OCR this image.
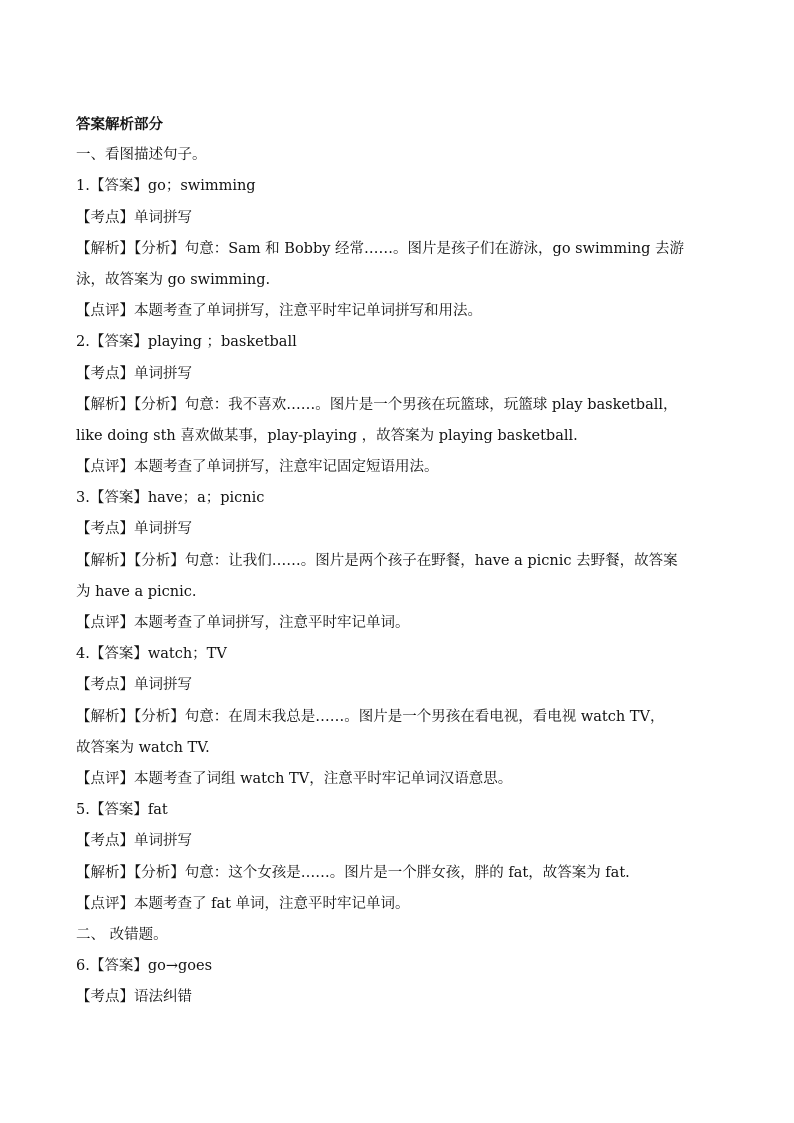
答案解析部分
一、看图描述句子。
1.【答案】go；swimming
【考点】单词拼写
【解析】【分析】句意：Sam 和 Bobby 经常……。图片是孩子们在游泳，go swimming 去游
泳，故答案为 go swimming.
【点评】本题考查了单词拼写，注意平时牢记单词拼写和用法。
2.【答案】playing ；basketball
【考点】单词拼写
【解析】【分析】句意：我不喜欢……。图片是一个男孩在玩篮球，玩篮球 play basketball，
like doing sth 喜欢做某事，play-playing ，故答案为 playing basketball.
【点评】本题考查了单词拼写，注意牢记固定短语用法。
3.【答案】have；a；picnic
【考点】单词拼写
【解析】【分析】句意：让我们……。图片是两个孩子在野餐，have a picnic 去野餐，故答案
为 have a picnic.
【点评】本题考查了单词拼写，注意平时牢记单词。
4.【答案】watch；TV
【考点】单词拼写
【解析】【分析】句意：在周末我总是……。图片是一个男孩在看电视，看电视 watch TV，
故答案为 watch TV.
【点评】本题考查了词组 watch TV，注意平时牢记单词汉语意思。
5.【答案】fat
【考点】单词拼写
【解析】【分析】句意：这个女孩是……。图片是一个胖女孩，胖的 fat，故答案为 fat.
【点评】本题考查了 fat 单词，注意平时牢记单词。
二、 改错题。
6.【答案】go→goes
【考点】语法纠错
